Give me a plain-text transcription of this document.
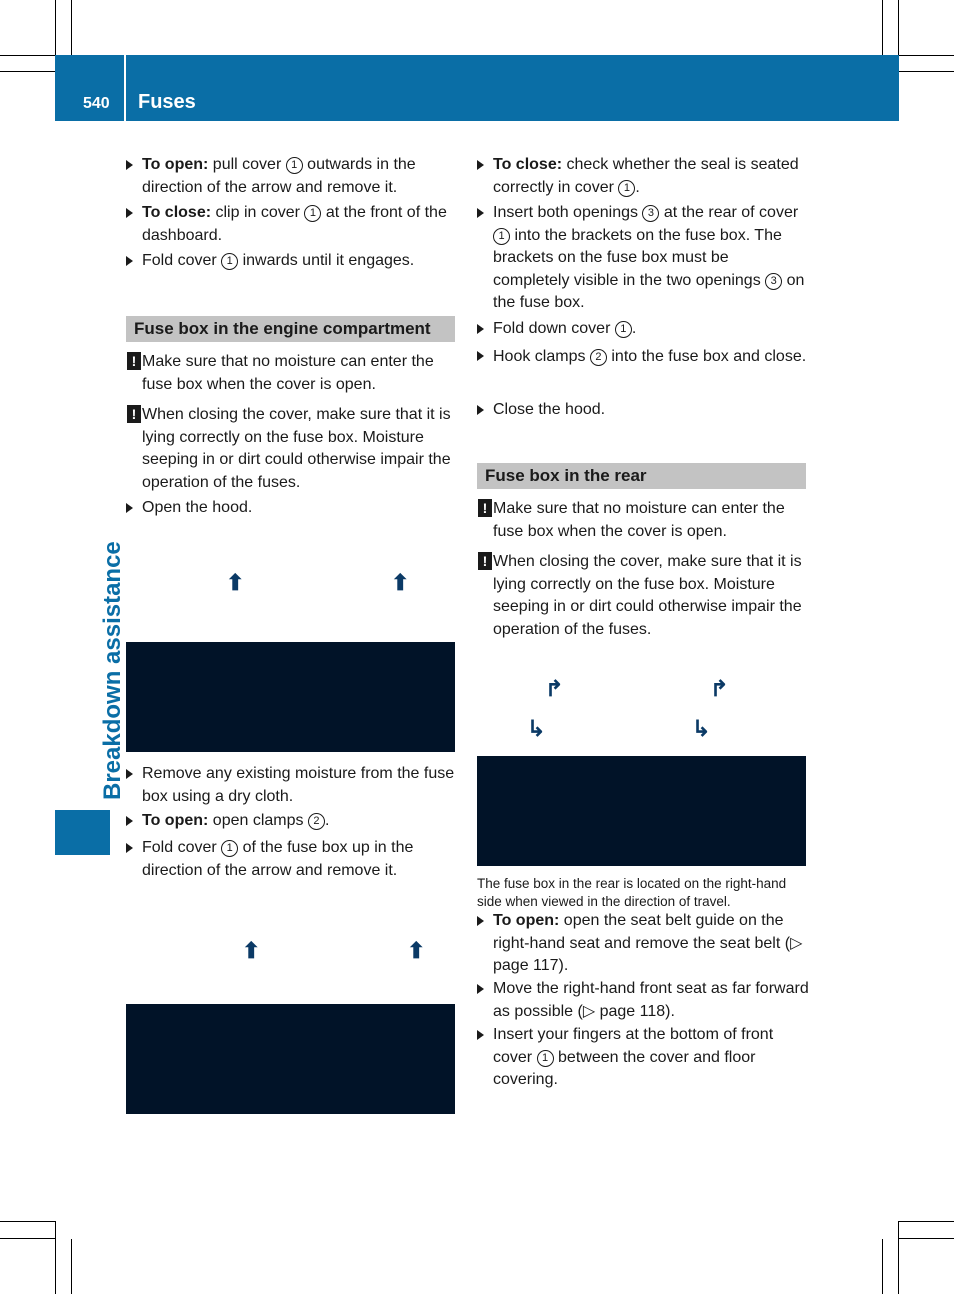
540 Fuses
Breakdown assistance
To open: pull cover 1 outwards in the direction of the arrow and remove it.
To close: clip in cover 1 at the front of the dashboard.
Fold cover 1 inwards until it engages.
Fuse box in the engine compartment
! Make sure that no moisture can enter the fuse box when the cover is open.
! When closing the cover, make sure that it is lying correctly on the fuse box. Moisture seeping in or dirt could otherwise impair the operation of the fuses.
Open the hood.
Remove any existing moisture from the fuse box using a dry cloth.
To open: open clamps 2 .
Fold cover 1 of the fuse box up in the direction of the arrow and remove it.
⬆	⬆
⬆	⬆
To close: check whether the seal is seated correctly in cover 1 .
Insert both openings 3 at the rear of cover 1 into the brackets on the fuse box. The brackets on the fuse box must be completely visible in the two openings 3 on the fuse box.
Fold down cover 1 .
Hook clamps 2 into the fuse box and close.
Close the hood.
Fuse box in the rear
! Make sure that no moisture can enter the fuse box when the cover is open.
! When closing the cover, make sure that it is lying correctly on the fuse box. Moisture seeping in or dirt could otherwise impair the operation of the fuses.
To open: open the seat belt guide on the right-hand seat and remove the seat belt (▷ page 117).
Move the right-hand front seat as far forward as possible (▷ page 118).
Insert your fingers at the bottom of front cover 1 between the cover and floor covering.
↱	↱
↳	↳
The fuse box in the rear is located on the right-hand side when viewed in the direction of travel.
